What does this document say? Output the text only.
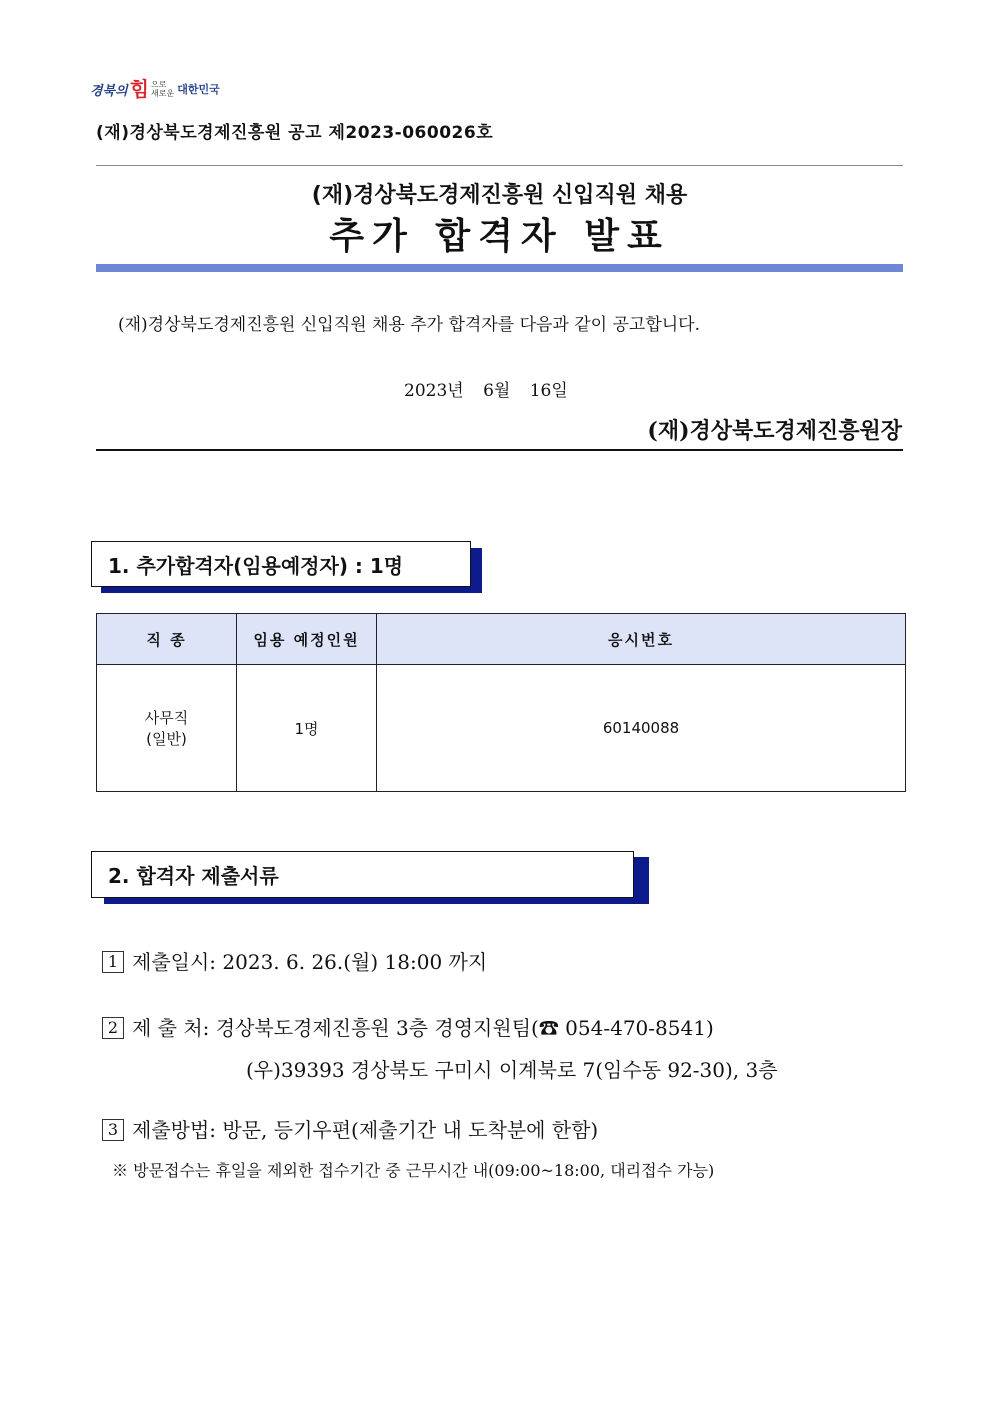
경북의 힘 으로
새로운 대한민국
(재)경상북도경제진흥원 공고 제2023-060026호
(재)경상북도경제진흥원 신입직원 채용
추가 합격자 발표
(재)경상북도경제진흥원 신입직원 채용 추가 합격자를 다음과 같이 공고합니다.
2023년 6월 16일
(재)경상북도경제진흥원장
1. 추가합격자(임용예정자) : 1명
직 종	임용 예정인원	응시번호

사무직
(일반)	1명	60140088
2. 합격자 제출서류
1 제출일시: 2023. 6. 26.(월) 18:00 까지
2 제 출 처: 경상북도경제진흥원 3층 경영지원팀(☎ 054-470-8541)
(우)39393 경상북도 구미시 이계북로 7(임수동 92-30), 3층
3 제출방법: 방문, 등기우편(제출기간 내 도착분에 한함)
※ 방문접수는 휴일을 제외한 접수기간 중 근무시간 내(09:00~18:00, 대리접수 가능)
